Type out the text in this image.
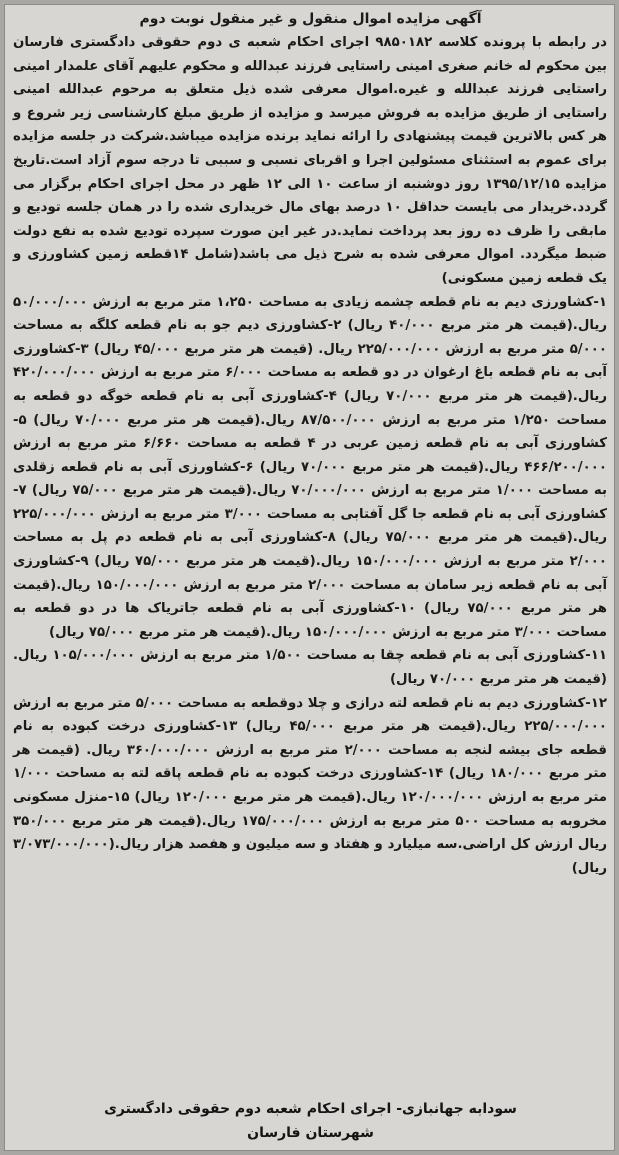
آگهی مزایده اموال منقول و غیر منقول نوبت دوم

در رابطه با پرونده کلاسه ۹۸۵۰۱۸۲ اجرای احکام شعبه ی دوم حقوقی دادگستری فارسان بین محکوم له خانم صغری امینی راستایی فرزند عبدالله و محکوم علیهم آقای علمدار امینی راستایی فرزند عبدالله و غیره.اموال معرفی شده ذیل متعلق به مرحوم عبدالله امینی راستایی از طریق مزایده به فروش میرسد و مزایده از طریق مبلغ کارشناسی زیر شروع و هر کس بالاترین قیمت پیشنهادی را ارائه نماید برنده مزایده میباشد.شرکت در جلسه مزایده برای عموم به استثنای مسئولین اجرا و اقربای نسبی و سببی تا درجه سوم آزاد است.تاریخ مزایده ۱۳۹۵/۱۲/۱۵ روز دوشنبه از ساعت ۱۰ الی ۱۲ ظهر در محل اجرای احکام برگزار می گردد.خریدار می بایست حداقل ۱۰ درصد بهای مال خریداری شده را در همان جلسه تودیع و مابقی را ظرف ده روز بعد پرداخت نماید.در غیر این صورت سپرده تودیع شده به نفع دولت ضبط میگردد. اموال معرفی شده به شرح ذیل می باشد(شامل ۱۴قطعه زمین کشاورزی و یک قطعه زمین مسکونی)

۱-کشاورزی دیم به نام قطعه چشمه زیادی به مساحت ۱،۲۵۰ متر مربع به ارزش ۵۰/۰۰۰/۰۰۰ ریال.(قیمت هر متر مربع ۴۰/۰۰۰ ریال) ۲-کشاورزی دیم جو به نام قطعه کلگه به مساحت ۵/۰۰۰ متر مربع به ارزش ۲۲۵/۰۰۰/۰۰۰ ریال. (قیمت هر متر مربع ۴۵/۰۰۰ ریال) ۳-کشاورزی آبی به نام قطعه باغ ارغوان در دو قطعه به مساحت ۶/۰۰۰ متر مربع به ارزش ۴۲۰/۰۰۰/۰۰۰ ریال.(قیمت هر متر مربع ۷۰/۰۰۰ ریال) ۴-کشاورزی آبی به نام قطعه خوگه دو قطعه به مساحت ۱/۲۵۰ متر مربع به ارزش ۸۷/۵۰۰/۰۰۰ ریال.(قیمت هر متر مربع ۷۰/۰۰۰ ریال) ۵-کشاورزی آبی به نام قطعه زمین عربی در ۴ قطعه به مساحت ۶/۶۶۰ متر مربع به ارزش ۴۶۶/۲۰۰/۰۰۰ ریال.(قیمت هر متر مربع ۷۰/۰۰۰ ریال) ۶-کشاورزی آبی به نام قطعه زقلدی به مساحت ۱/۰۰۰ متر مربع به ارزش ۷۰/۰۰۰/۰۰۰ ریال.(قیمت هر متر مربع ۷۵/۰۰۰ ریال) ۷-کشاورزی آبی به نام قطعه جا گل آفتابی به مساحت ۳/۰۰۰ متر مربع به ارزش ۲۲۵/۰۰۰/۰۰۰ ریال.(قیمت هر متر مربع ۷۵/۰۰۰ ریال) ۸-کشاورزی آبی به نام قطعه دم پل به مساحت ۲/۰۰۰ متر مربع به ارزش ۱۵۰/۰۰۰/۰۰۰ ریال.(قیمت هر متر مربع ۷۵/۰۰۰ ریال) ۹-کشاورزی آبی به نام قطعه زیر سامان به مساحت ۲/۰۰۰ متر مربع به ارزش ۱۵۰/۰۰۰/۰۰۰ ریال.(قیمت هر متر مربع ۷۵/۰۰۰ ریال) ۱۰-کشاورزی آبی به نام قطعه جاتریاک ها در دو قطعه به مساحت ۳/۰۰۰ متر مربع به ارزش ۱۵۰/۰۰۰/۰۰۰ ریال.(قیمت هر متر مربع ۷۵/۰۰۰ ریال)

۱۱-کشاورزی آبی به نام قطعه چقا به مساحت ۱/۵۰۰ متر مربع به ارزش ۱۰۵/۰۰۰/۰۰۰ ریال.(قیمت هر متر مربع ۷۰/۰۰۰ ریال)

۱۲-کشاورزی دیم به نام قطعه لته درازی و چلا دوقطعه به مساحت ۵/۰۰۰ متر مربع به ارزش ۲۲۵/۰۰۰/۰۰۰ ریال.(قیمت هر متر مربع ۴۵/۰۰۰ ریال) ۱۳-کشاورزی درخت کبوده به نام قطعه جای بیشه لنجه به مساحت ۲/۰۰۰ متر مربع به ارزش ۳۶۰/۰۰۰/۰۰۰ ریال. (قیمت هر متر مربع ۱۸۰/۰۰۰ ریال) ۱۴-کشاورزی درخت کبوده به نام قطعه پاقه لته به مساحت ۱/۰۰۰ متر مربع به ارزش ۱۲۰/۰۰۰/۰۰۰ ریال.(قیمت هر متر مربع ۱۲۰/۰۰۰ ریال) ۱۵-منزل مسکونی مخروبه به مساحت ۵۰۰ متر مربع به ارزش ۱۷۵/۰۰۰/۰۰۰ ریال.(قیمت هر متر مربع ۳۵۰/۰۰۰ ریال ارزش کل اراضی.سه میلیارد و هفتاد و سه میلیون و هفصد هزار ریال.(۳/۰۷۳/۰۰۰/۰۰۰ ریال)

سودابه جهانبازی- اجرای احکام شعبه دوم حقوقی دادگستری
شهرستان فارسان
